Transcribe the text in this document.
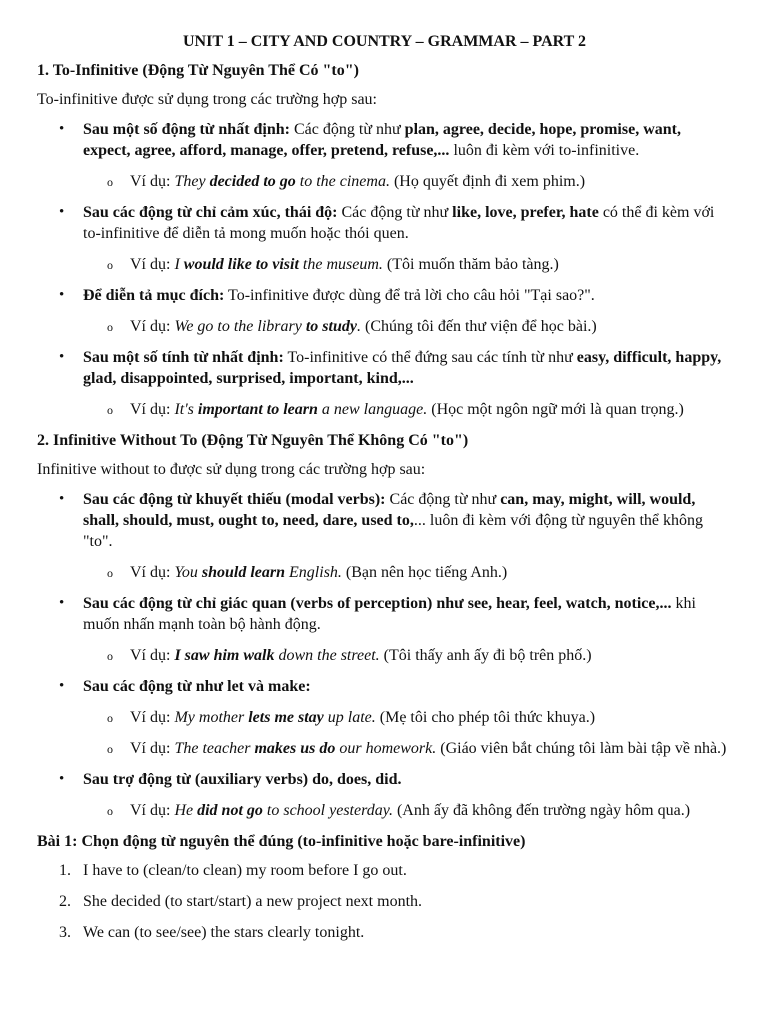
UNIT 1 – CITY AND COUNTRY – GRAMMAR – PART 2
1. To-Infinitive (Động Từ Nguyên Thể Có "to")
To-infinitive được sử dụng trong các trường hợp sau:
• Sau một số động từ nhất định: Các động từ như plan, agree, decide, hope, promise, want, expect, agree, afford, manage, offer, pretend, refuse,... luôn đi kèm với to-infinitive.
o Ví dụ: They decided to go to the cinema. (Họ quyết định đi xem phim.)
• Sau các động từ chỉ cảm xúc, thái độ: Các động từ như like, love, prefer, hate có thể đi kèm với to-infinitive để diễn tả mong muốn hoặc thói quen.
o Ví dụ: I would like to visit the museum. (Tôi muốn thăm bảo tàng.)
• Để diễn tả mục đích: To-infinitive được dùng để trả lời cho câu hỏi "Tại sao?".
o Ví dụ: We go to the library to study. (Chúng tôi đến thư viện để học bài.)
• Sau một số tính từ nhất định: To-infinitive có thể đứng sau các tính từ như easy, difficult, happy, glad, disappointed, surprised, important, kind,...
o Ví dụ: It's important to learn a new language. (Học một ngôn ngữ mới là quan trọng.)
2. Infinitive Without To (Động Từ Nguyên Thể Không Có "to")
Infinitive without to được sử dụng trong các trường hợp sau:
• Sau các động từ khuyết thiếu (modal verbs): Các động từ như can, may, might, will, would, shall, should, must, ought to, need, dare, used to,... luôn đi kèm với động từ nguyên thể không "to".
o Ví dụ: You should learn English. (Bạn nên học tiếng Anh.)
• Sau các động từ chỉ giác quan (verbs of perception) như see, hear, feel, watch, notice,... khi muốn nhấn mạnh toàn bộ hành động.
o Ví dụ: I saw him walk down the street. (Tôi thấy anh ấy đi bộ trên phố.)
• Sau các động từ như let và make:
o Ví dụ: My mother lets me stay up late. (Mẹ tôi cho phép tôi thức khuya.)
o Ví dụ: The teacher makes us do our homework. (Giáo viên bắt chúng tôi làm bài tập về nhà.)
• Sau trợ động từ (auxiliary verbs) do, does, did.
o Ví dụ: He did not go to school yesterday. (Anh ấy đã không đến trường ngày hôm qua.)
Bài 1: Chọn động từ nguyên thể đúng (to-infinitive hoặc bare-infinitive)
1. I have to (clean/to clean) my room before I go out.
2. She decided (to start/start) a new project next month.
3. We can (to see/see) the stars clearly tonight.
